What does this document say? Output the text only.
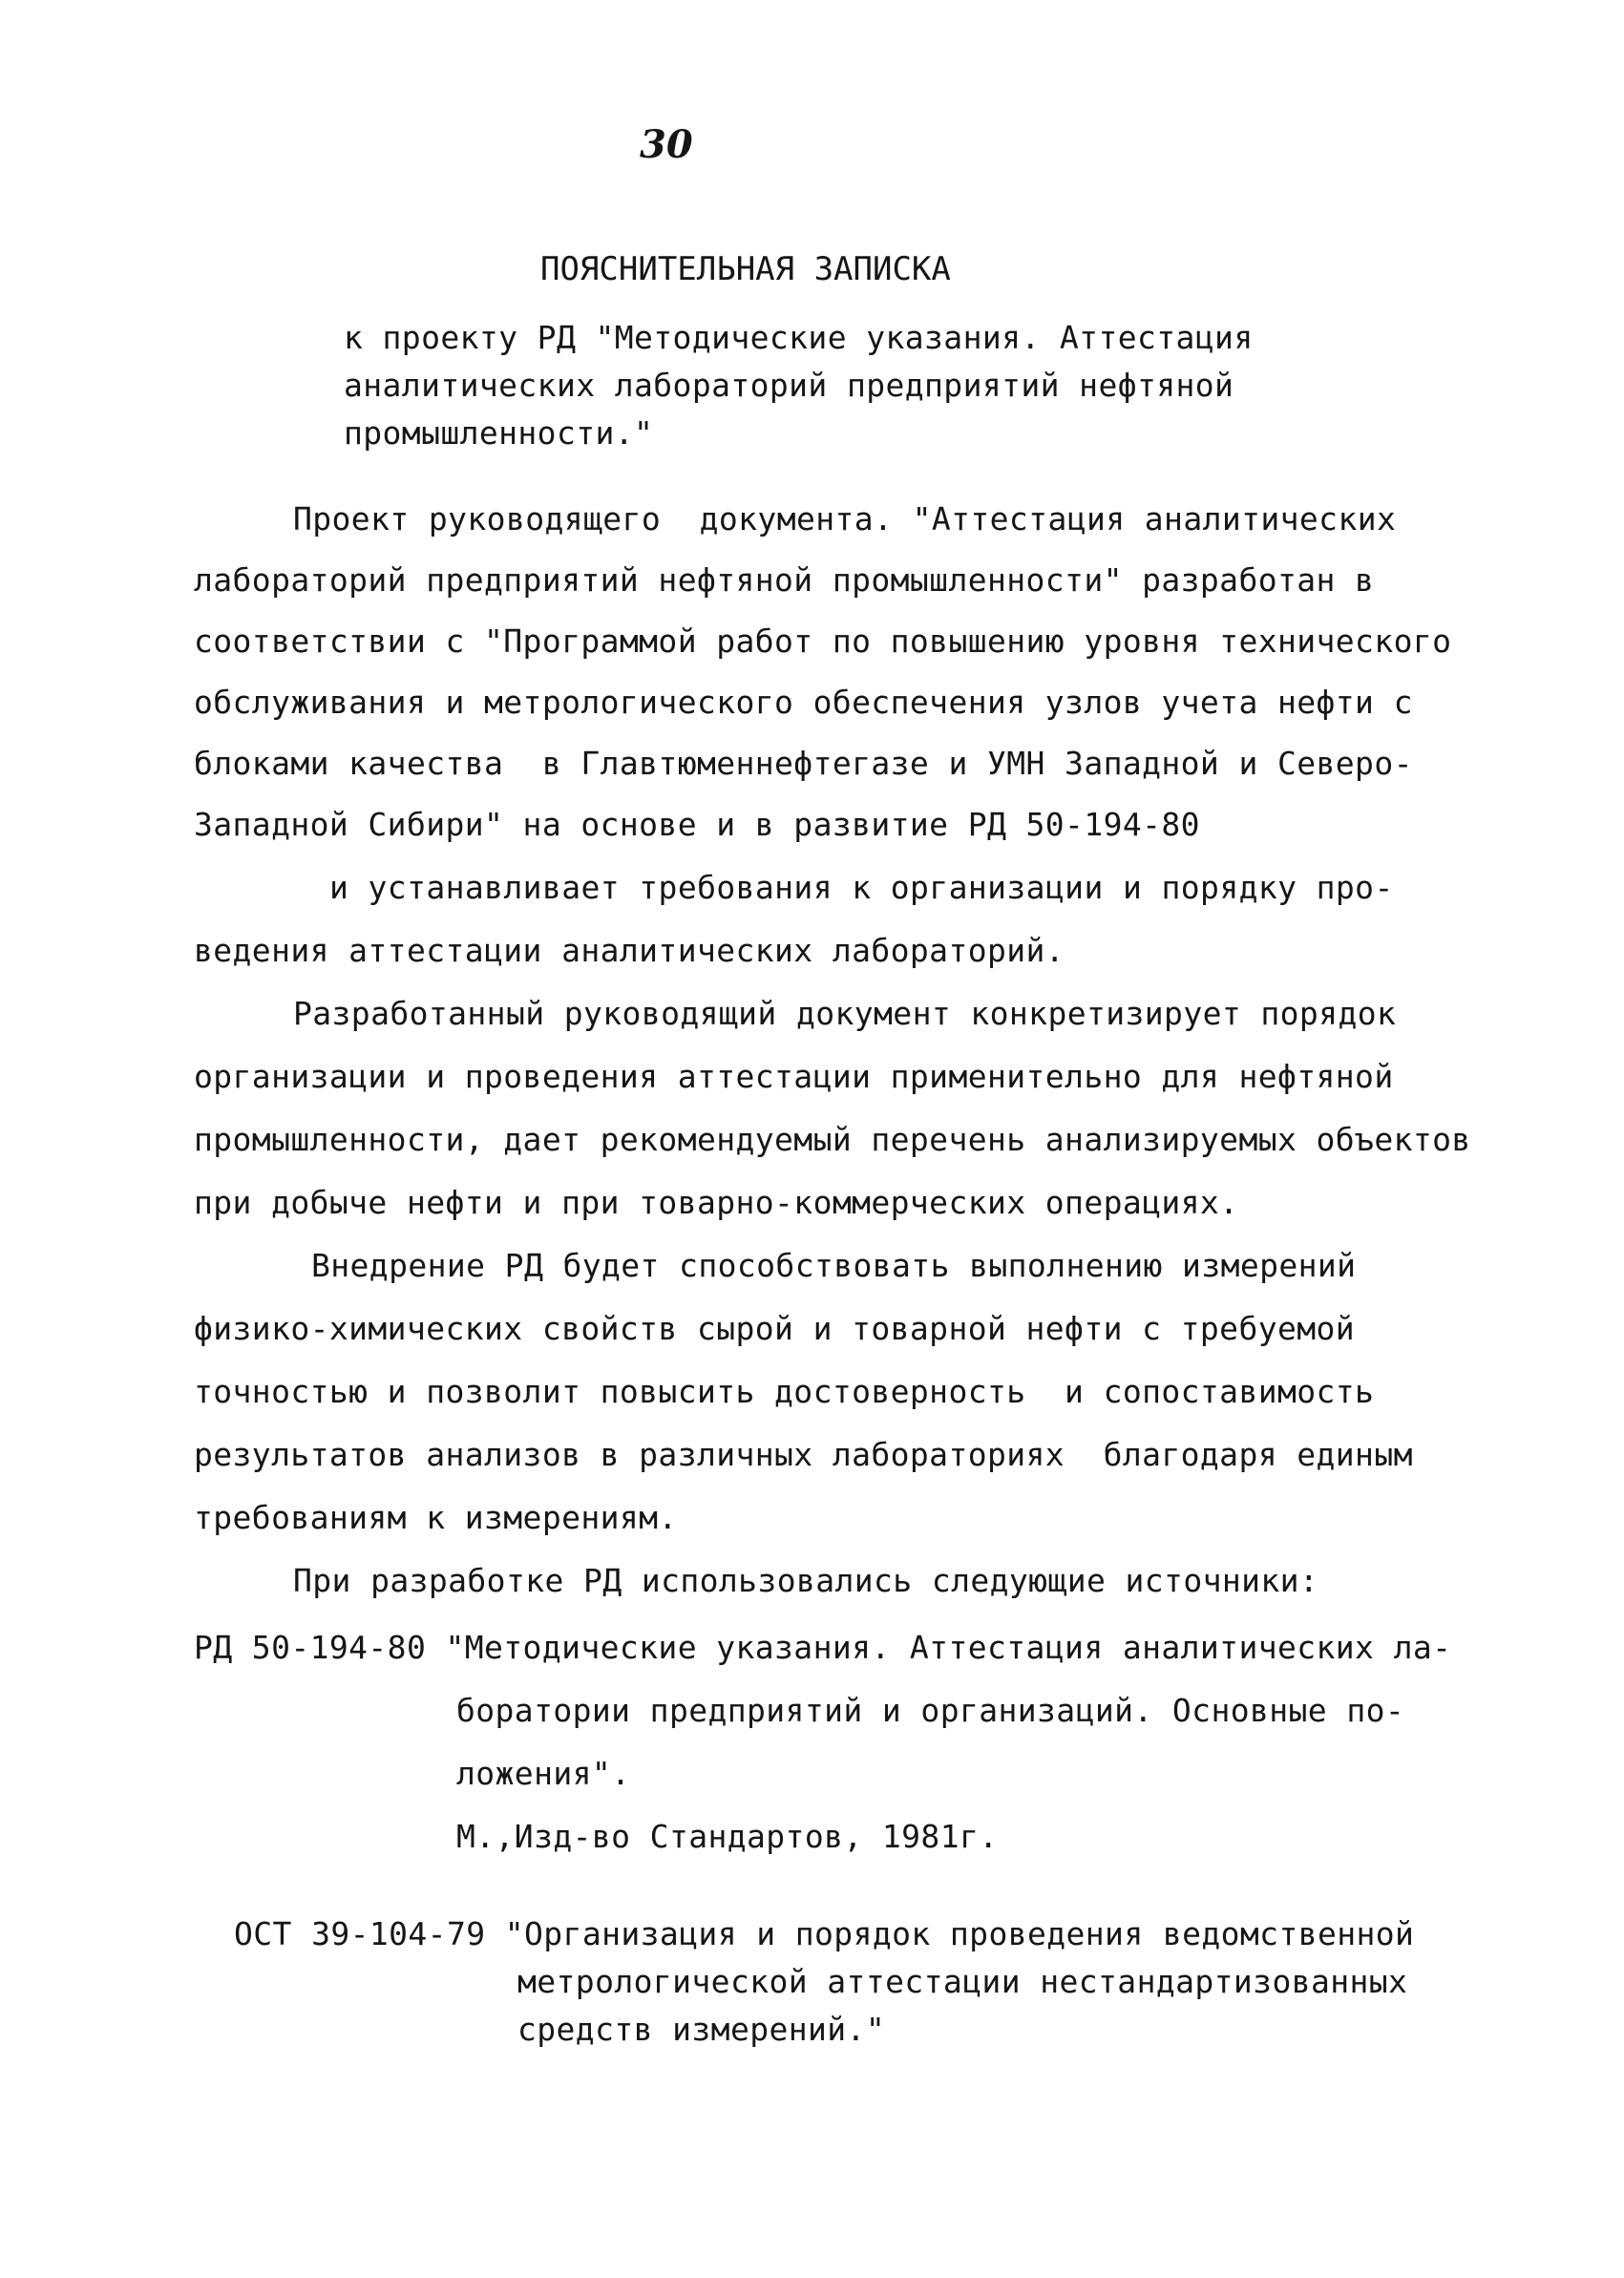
30
ПОЯСНИТЕЛЬНАЯ ЗАПИСКА
к проекту РД "Методические указания. Аттестация
аналитических лабораторий предприятий нефтяной
промышленности."
Проект руководящего  документа. "Аттестация аналитических
лабораторий предприятий нефтяной промышленности" разработан в
соответствии с "Программой работ по повышению уровня технического
обслуживания и метрологического обеспечения узлов учета нефти с
блоками качества  в Главтюменнефтегазе и УМН Западной и Северо-
Западной Сибири" на основе и в развитие РД 50-194-80
и устанавливает требования к организации и порядку про-
ведения аттестации аналитических лабораторий.
Разработанный руководящий документ конкретизирует порядок
организации и проведения аттестации применительно для нефтяной
промышленности, дает рекомендуемый перечень анализируемых объектов
при добыче нефти и при товарно-коммерческих операциях.
Внедрение РД будет способствовать выполнению измерений
физико-химических свойств сырой и товарной нефти с требуемой
точностью и позволит повысить достоверность  и сопоставимость
результатов анализов в различных лабораториях  благодаря единым
требованиям к измерениям.
При разработке РД использовались следующие источники:
РД 50-194-80 "Методические указания. Аттестация аналитических ла-
боратории предприятий и организаций. Основные по-
ложения".
М.,Изд-во Стандартов, 1981г.
ОСТ 39-104-79 "Организация и порядок проведения ведомственной
метрологической аттестации нестандартизованных
средств измерений."
